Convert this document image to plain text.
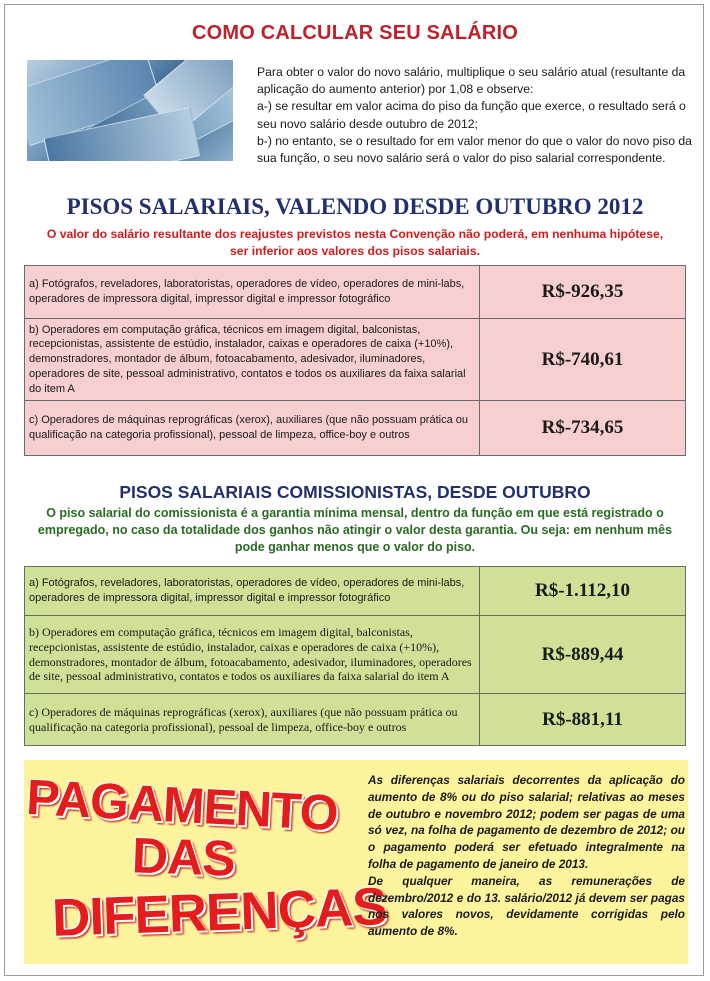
COMO CALCULAR SEU SALÁRIO

Para obter o valor do novo salário, multiplique o seu salário atual (resultante da aplicação do aumento anterior) por 1,08 e observe:

a-) se resultar em valor acima do piso da função que exerce, o resultado será o seu novo salário desde outubro de 2012;

b-) no entanto, se o resultado for em valor menor do que o valor do novo piso da sua função, o seu novo salário será o valor do piso salarial correspondente.

PISOS SALARIAIS, VALENDO DESDE OUTUBRO 2012

O valor do salário resultante dos reajustes previstos nesta Convenção não poderá, em nenhuma hipótese, ser inferior aos valores dos pisos salariais.

a) Fotógrafos, reveladores, laboratoristas, operadores de vídeo, operadores de mini-labs, operadores de impressora digital, impressor digital e impressor fotográfico	R$-926,35
b) Operadores em computação gráfica, técnicos em imagem digital, balconistas, recepcionistas, assistente de estúdio, instalador, caixas e operadores de caixa (+10%), demonstradores, montador de álbum, fotoacabamento, adesivador, iluminadores, operadores de site, pessoal administrativo, contatos e todos os auxiliares da faixa salarial do item A	R$-740,61
c) Operadores de máquinas reprográficas (xerox), auxiliares (que não possuam prática ou qualificação na categoria profissional), pessoal de limpeza, office-boy e outros	R$-734,65
PISOS SALARIAIS COMISSIONISTAS, DESDE OUTUBRO

O piso salarial do comissionista é a garantia mínima mensal, dentro da função em que está registrado o empregado, no caso da totalidade dos ganhos não atingir o valor desta garantia. Ou seja: em nenhum mês pode ganhar menos que o valor do piso.

a) Fotógrafos, reveladores, laboratoristas, operadores de vídeo, operadores de mini-labs, operadores de impressora digital, impressor digital e impressor fotográfico	R$-1.112,10
b) Operadores em computação gráfica, técnicos em imagem digital, balconistas, recepcionistas, assistente de estúdio, instalador, caixas e operadores de caixa (+10%), demonstradores, montador de álbum, fotoacabamento, adesivador, iluminadores, operadores de site, pessoal administrativo, contatos e todos os auxiliares da faixa salarial do item A	R$-889,44
c) Operadores de máquinas reprográficas (xerox), auxiliares (que não possuam prática ou qualificação na categoria profissional), pessoal de limpeza, office-boy e outros	R$-881,11
PAGAMENTO
DAS
DIFERENÇAS

As diferenças salariais decorrentes da aplicação do aumento de 8% ou do piso salarial; relativas ao meses de outubro e novembro 2012; podem ser pagas de uma só vez, na folha de pagamento de dezembro de 2012; ou o pagamento poderá ser efetuado integralmente na folha de pagamento de janeiro de 2013.

De qualquer maneira, as remunerações de dezembro/2012 e do 13. salário/2012 já devem ser pagas nos valores novos, devidamente corrigidas pelo aumento de 8%.
